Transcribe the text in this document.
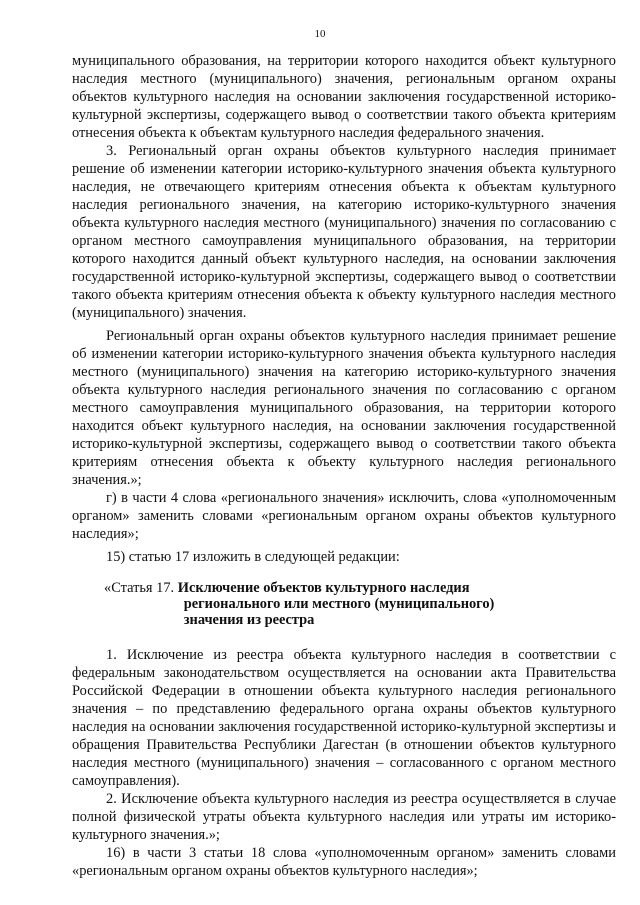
10

муниципального образования, на территории которого находится объект культурного наследия местного (муниципального) значения, региональным органом охраны объектов культурного наследия на основании заключения государственной историко-культурной экспертизы, содержащего вывод о соответствии такого объекта критериям отнесения объекта к объектам культурного наследия федерального значения.

3. Региональный орган охраны объектов культурного наследия принимает решение об изменении категории историко-культурного значения объекта культурного наследия, не отвечающего критериям отнесения объекта к объектам культурного наследия регионального значения, на категорию историко-культурного значения объекта культурного наследия местного (муниципального) значения по согласованию с органом местного самоуправления муниципального образования, на территории которого находится данный объект культурного наследия, на основании заключения государственной историко-культурной экспертизы, содержащего вывод о соответствии такого объекта критериям отнесения объекта к объекту культурного наследия местного (муниципального) значения.

Региональный орган охраны объектов культурного наследия принимает решение об изменении категории историко-культурного значения объекта культурного наследия местного (муниципального) значения на категорию историко-культурного значения объекта культурного наследия регионального значения по согласованию с органом местного самоуправления муниципального образования, на территории которого находится объект культурного наследия, на основании заключения государственной историко-культурной экспертизы, содержащего вывод о соответствии такого объекта критериям отнесения объекта к объекту культурного наследия регионального значения.»;

г) в части 4 слова «регионального значения» исключить, слова «уполномоченным органом» заменить словами «региональным органом охраны объектов культурного наследия»;

15) статью 17 изложить в следующей редакции:

«Статья 17. Исключение объектов культурного наследия
регионального или местного (муниципального)
значения из реестра

1. Исключение из реестра объекта культурного наследия в соответствии с федеральным законодательством осуществляется на основании акта Правительства Российской Федерации в отношении объекта культурного наследия регионального значения – по представлению федерального органа охраны объектов культурного наследия на основании заключения государственной историко-культурной экспертизы и обращения Правительства Республики Дагестан (в отношении объектов культурного наследия местного (муниципального) значения – согласованного с органом местного самоуправления).

2. Исключение объекта культурного наследия из реестра осуществляется в случае полной физической утраты объекта культурного наследия или утраты им историко-культурного значения.»;

16) в части 3 статьи 18 слова «уполномоченным органом» заменить словами «региональным органом охраны объектов культурного наследия»;
